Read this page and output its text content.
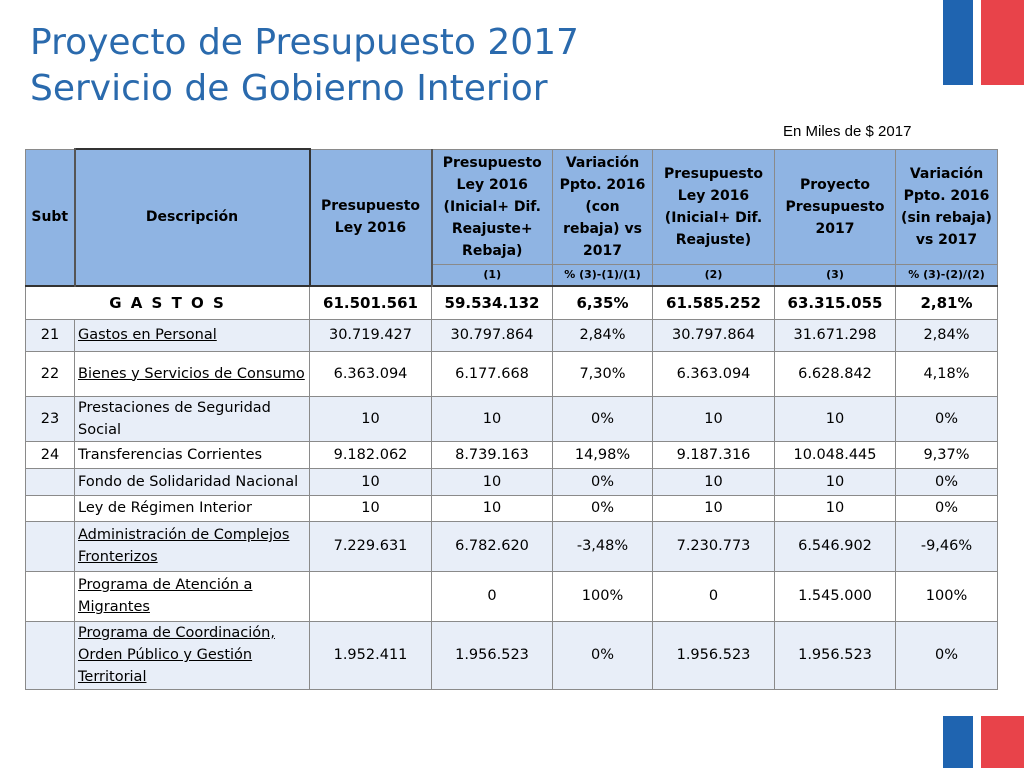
Proyecto de Presupuesto 2017
Servicio de Gobierno Interior
En Miles de $ 2017
Subt	Descripción	Presupuesto Ley 2016	Presupuesto Ley 2016 (Inicial+ Dif. Reajuste+ Rebaja)	Variación Ppto. 2016 (con rebaja) vs 2017	Presupuesto Ley 2016 (Inicial+ Dif. Reajuste)	Proyecto Presupuesto 2017	Variación Ppto. 2016 (sin rebaja) vs 2017
			(1)	% (3)-(1)/(1)	(2)	(3)	% (3)-(2)/(2)
G A S T O S		61.501.561	59.534.132	6,35%	61.585.252	63.315.055	2,81%
21	Gastos en Personal	30.719.427	30.797.864	2,84%	30.797.864	31.671.298	2,84%
22	Bienes y Servicios de Consumo	6.363.094	6.177.668	7,30%	6.363.094	6.628.842	4,18%
23	Prestaciones de Seguridad Social	10	10	0%	10	10	0%
24	Transferencias Corrientes	9.182.062	8.739.163	14,98%	9.187.316	10.048.445	9,37%
	Fondo de Solidaridad Nacional	10	10	0%	10	10	0%
	Ley de Régimen Interior	10	10	0%	10	10	0%
	Administración de Complejos Fronterizos	7.229.631	6.782.620	-3,48%	7.230.773	6.546.902	-9,46%
	Programa de Atención a Migrantes		0	100%	0	1.545.000	100%
	Programa de Coordinación, Orden Público y Gestión Territorial	1.952.411	1.956.523	0%	1.956.523	1.956.523	0%
